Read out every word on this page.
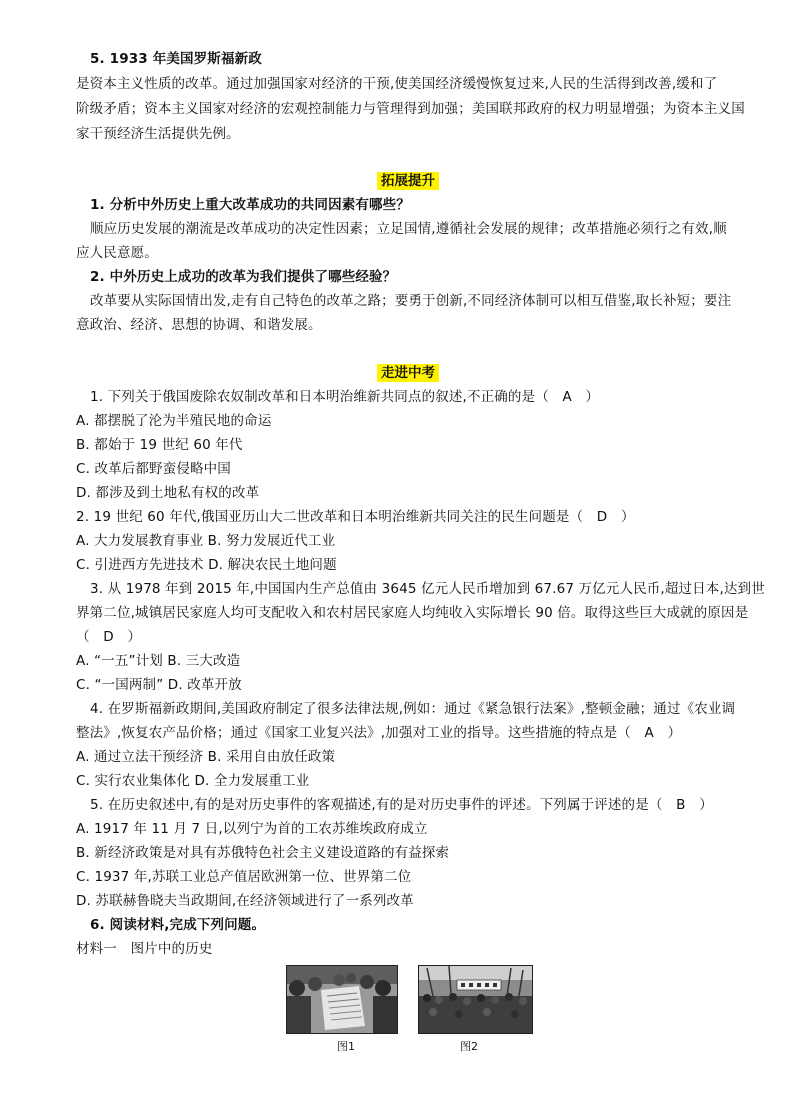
5. 1933 年美国罗斯福新政
是资本主义性质的改革。通过加强国家对经济的干预,使美国经济缓慢恢复过来,人民的生活得到改善,缓和了
阶级矛盾；资本主义国家对经济的宏观控制能力与管理得到加强；美国联邦政府的权力明显增强；为资本主义国
家干预经济生活提供先例。
拓展提升
1. 分析中外历史上重大改革成功的共同因素有哪些？
顺应历史发展的潮流是改革成功的决定性因素；立足国情,遵循社会发展的规律；改革措施必须行之有效,顺
应人民意愿。
2. 中外历史上成功的改革为我们提供了哪些经验？
改革要从实际国情出发,走有自己特色的改革之路；要勇于创新,不同经济体制可以相互借鉴,取长补短；要注
意政治、经济、思想的协调、和谐发展。
走进中考
1. 下列关于俄国废除农奴制改革和日本明治维新共同点的叙述,不正确的是（　A　）
A. 都摆脱了沦为半殖民地的命运
B. 都始于 19 世纪 60 年代
C. 改革后都野蛮侵略中国
D. 都涉及到土地私有权的改革
2. 19 世纪 60 年代,俄国亚历山大二世改革和日本明治维新共同关注的民生问题是（　D　）
A. 大力发展教育事业 B. 努力发展近代工业
C. 引进西方先进技术 D. 解决农民土地问题
3. 从 1978 年到 2015 年,中国国内生产总值由 3645 亿元人民币增加到 67.67 万亿元人民币,超过日本,达到世
界第二位,城镇居民家庭人均可支配收入和农村居民家庭人均纯收入实际增长 90 倍。取得这些巨大成就的原因是
（　D　）
A. “一五”计划 B. 三大改造
C. “一国两制” D. 改革开放
4. 在罗斯福新政期间,美国政府制定了很多法律法规,例如：通过《紧急银行法案》,整顿金融；通过《农业调
整法》,恢复农产品价格；通过《国家工业复兴法》,加强对工业的指导。这些措施的特点是（　A　）
A. 通过立法干预经济 B. 采用自由放任政策
C. 实行农业集体化 D. 全力发展重工业
5. 在历史叙述中,有的是对历史事件的客观描述,有的是对历史事件的评述。下列属于评述的是（　B　）
A. 1917 年 11 月 7 日,以列宁为首的工农苏维埃政府成立
B. 新经济政策是对具有苏俄特色社会主义建设道路的有益探索
C. 1937 年,苏联工业总产值居欧洲第一位、世界第二位
D. 苏联赫鲁晓夫当政期间,在经济领域进行了一系列改革
6. 阅读材料,完成下列问题。
材料一　图片中的历史
图1	图2
